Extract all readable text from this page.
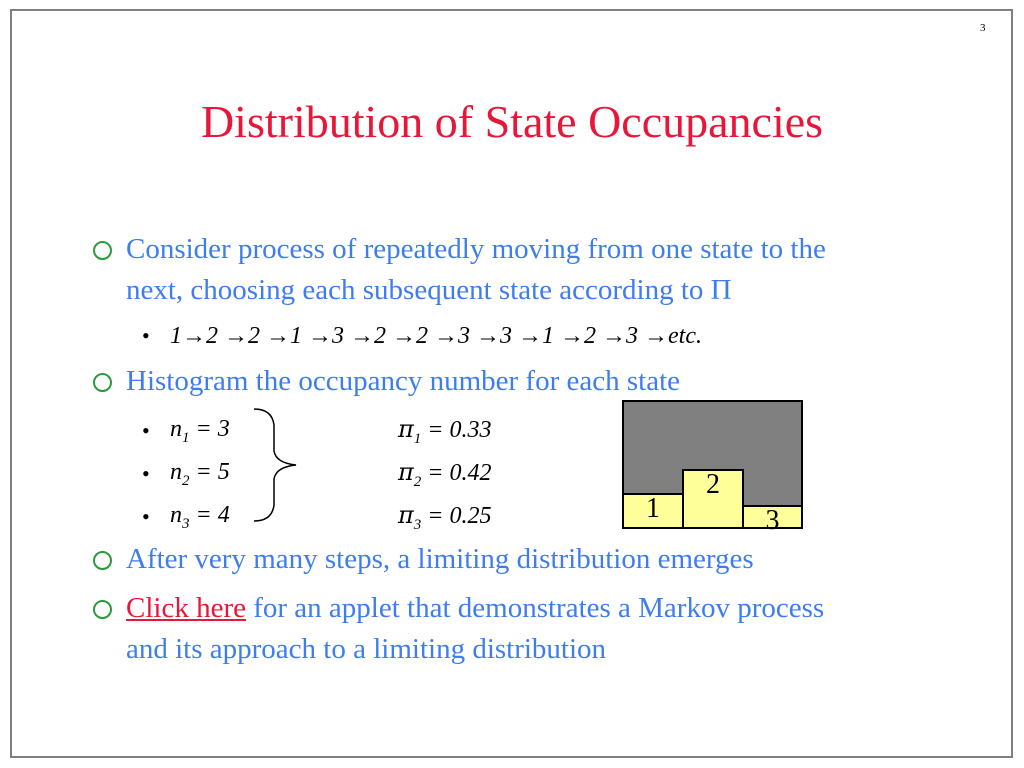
3
Distribution of State Occupancies
Consider process of repeatedly moving from one state to the
next, choosing each subsequent state according to Π
• 1→2 →2 →1 →3 →2 →2 →3 →3 →1 →2 →3 →etc.
Histogram the occupancy number for each state
• $n_1 = 3$	$\pi_1 = 0.33$
• $n_2 = 5$	$\pi_2 = 0.42$
• $n_3 = 4$	$\pi_3 = 0.25$	1
2
3
After very many steps, a limiting distribution emerges
Click here for an applet that demonstrates a Markov process
and its approach to a limiting distribution
